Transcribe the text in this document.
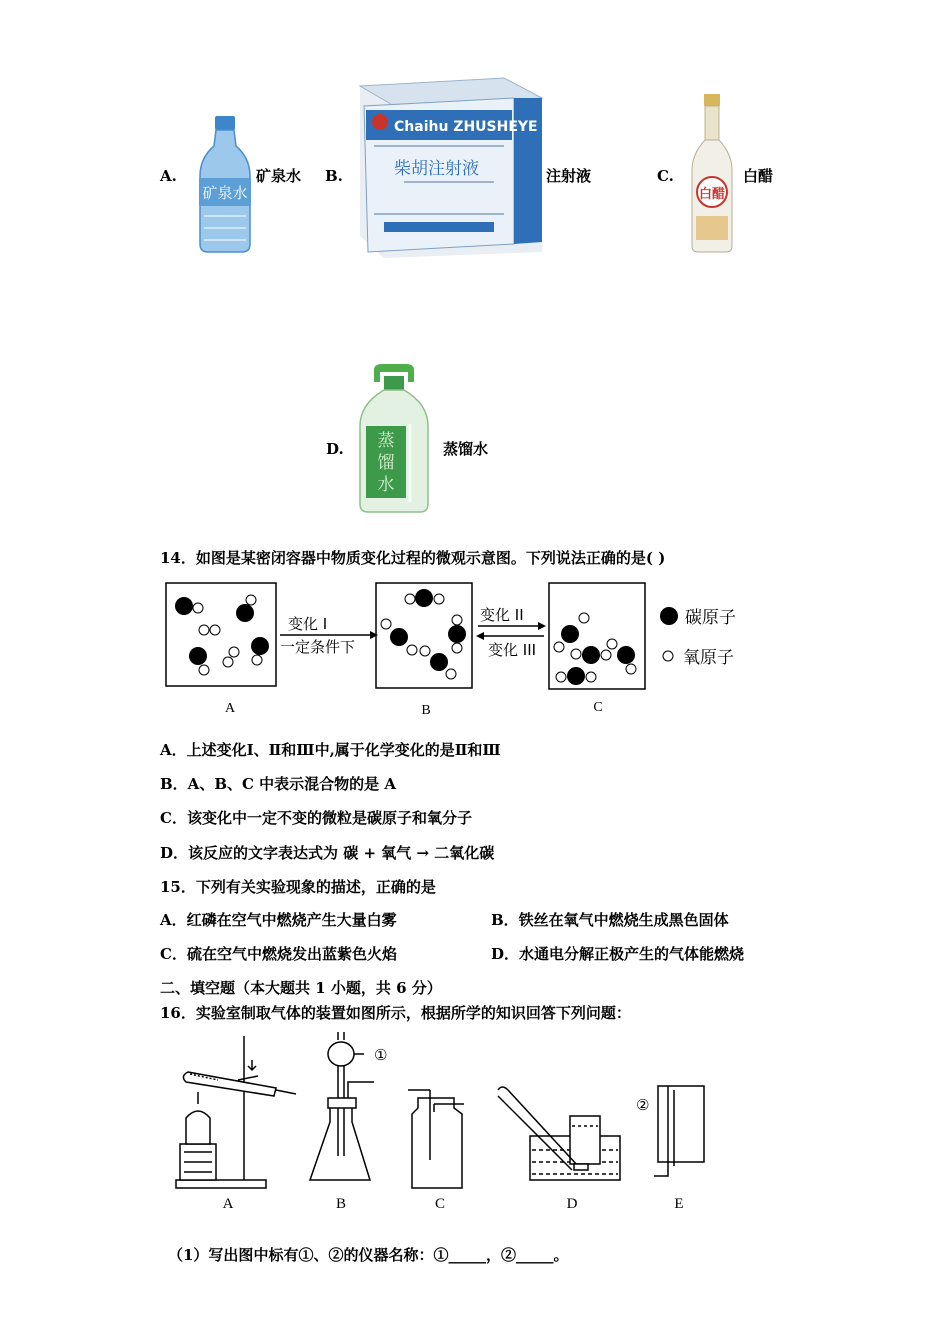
A.
矿泉水
矿泉水 B.
Chaihu ZHUSHEYE
柴胡注射液	注射液	C.
白醋
白醋
D. 蒸
馏
水
蒸馏水
14．如图是某密闭容器中物质变化过程的微观示意图。下列说法正确的是( )
A
变化 I
一定条件下
B
变化 II
变化 III
C
碳原子
氧原子
A．上述变化Ⅰ、Ⅱ和Ⅲ中,属于化学变化的是Ⅱ和Ⅲ
B．A、B、C 中表示混合物的是 A
C．该变化中一定不变的微粒是碳原子和氧分子
D．该反应的文字表达式为 碳 + 氧气 → 二氧化碳
15．下列有关实验现象的描述，正确的是
A．红磷在空气中燃烧产生大量白雾	B．铁丝在氧气中燃烧生成黑色固体
C．硫在空气中燃烧发出蓝紫色火焰	D．水通电分解正极产生的气体能燃烧
二、填空题（本大题共 1 小题，共 6 分）
16．实验室制取气体的装置如图所示，根据所学的知识回答下列问题：
A
①
B	C	D
②
E
（1）写出图中标有①、②的仪器名称：①_____，②_____。
